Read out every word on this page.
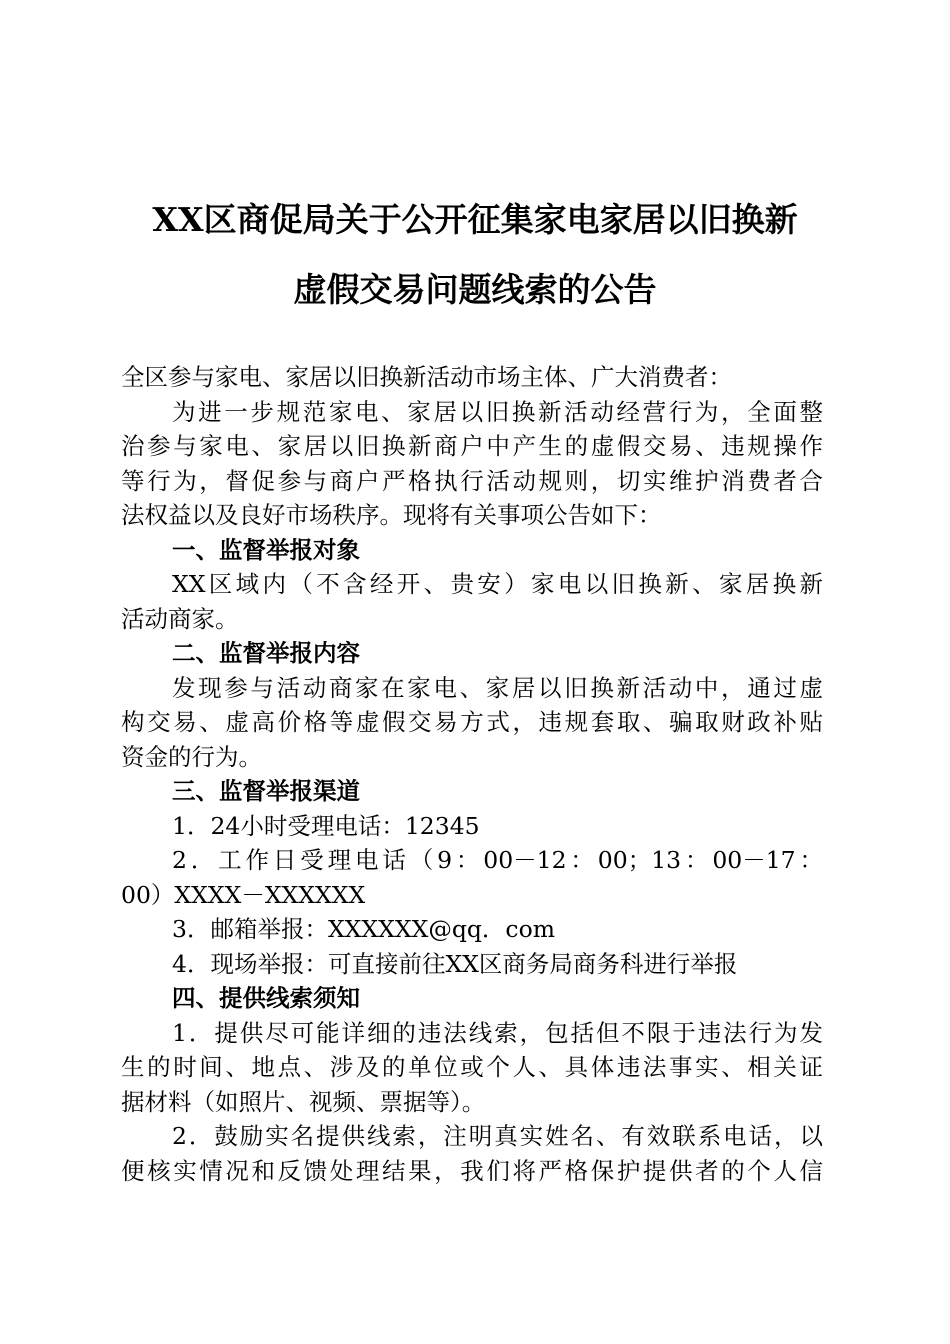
XX区商促局关于公开征集家电家居以旧换新
虚假交易问题线索的公告
全区参与家电、家居以旧换新活动市场主体、广大消费者：
为进一步规范家电、家居以旧换新活动经营行为，全面整
治参与家电、家居以旧换新商户中产生的虚假交易、违规操作
等行为，督促参与商户严格执行活动规则，切实维护消费者合
法权益以及良好市场秩序。现将有关事项公告如下：
一、监督举报对象
XX区域内（不含经开、贵安）家电以旧换新、家居换新
活动商家。
二、监督举报内容
发现参与活动商家在家电、家居以旧换新活动中，通过虚
构交易、虚高价格等虚假交易方式，违规套取、骗取财政补贴
资金的行为。
三、监督举报渠道
1．24小时受理电话：12345
2．工作日受理电话（9：00－12：00；13：00－17：
00）XXXX－XXXXXX
3．邮箱举报：XXXXXX@qq．com
4．现场举报：可直接前往XX区商务局商务科进行举报
四、提供线索须知
1．提供尽可能详细的违法线索，包括但不限于违法行为发
生的时间、地点、涉及的单位或个人、具体违法事实、相关证
据材料（如照片、视频、票据等）。
2．鼓励实名提供线索，注明真实姓名、有效联系电话，以
便核实情况和反馈处理结果，我们将严格保护提供者的个人信
